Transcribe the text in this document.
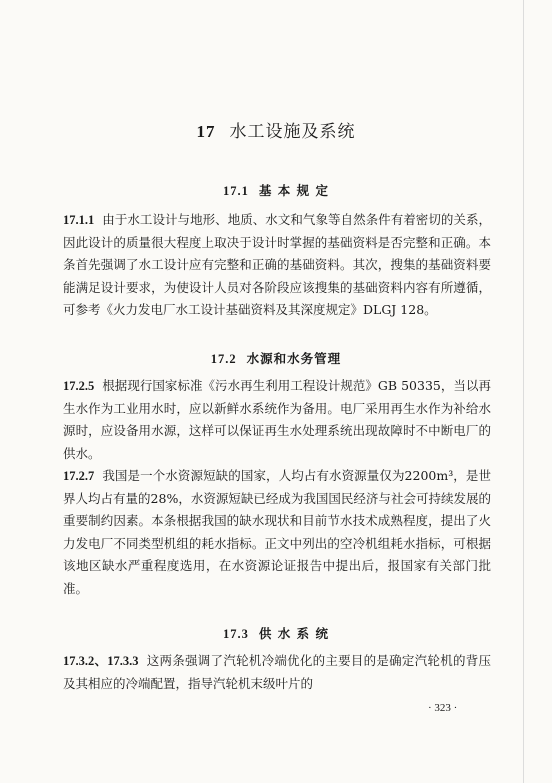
17 水工设施及系统
17.1 基 本 规 定

17.1.1 由于水工设计与地形、地质、水文和气象等自然条件有着密切的关系，因此设计的质量很大程度上取决于设计时掌握的基础资料是否完整和正确。本条首先强调了水工设计应有完整和正确的基础资料。其次，搜集的基础资料要能满足设计要求，为使设计人员对各阶段应该搜集的基础资料内容有所遵循，可参考《火力发电厂水工设计基础资料及其深度规定》DLGJ 128。

17.2 水源和水务管理

17.2.5 根据现行国家标准《污水再生利用工程设计规范》GB 50335，当以再生水作为工业用水时，应以新鲜水系统作为备用。电厂采用再生水作为补给水源时，应设备用水源，这样可以保证再生水处理系统出现故障时不中断电厂的供水。

17.2.7 我国是一个水资源短缺的国家，人均占有水资源量仅为2200m³，是世界人均占有量的28%，水资源短缺已经成为我国国民经济与社会可持续发展的重要制约因素。本条根据我国的缺水现状和目前节水技术成熟程度，提出了火力发电厂不同类型机组的耗水指标。正文中列出的空冷机组耗水指标，可根据该地区缺水严重程度选用，在水资源论证报告中提出后，报国家有关部门批准。

17.3 供 水 系 统

17.3.2、17.3.3 这两条强调了汽轮机冷端优化的主要目的是确定汽轮机的背压及其相应的冷端配置，指导汽轮机末级叶片的

· 323 ·
